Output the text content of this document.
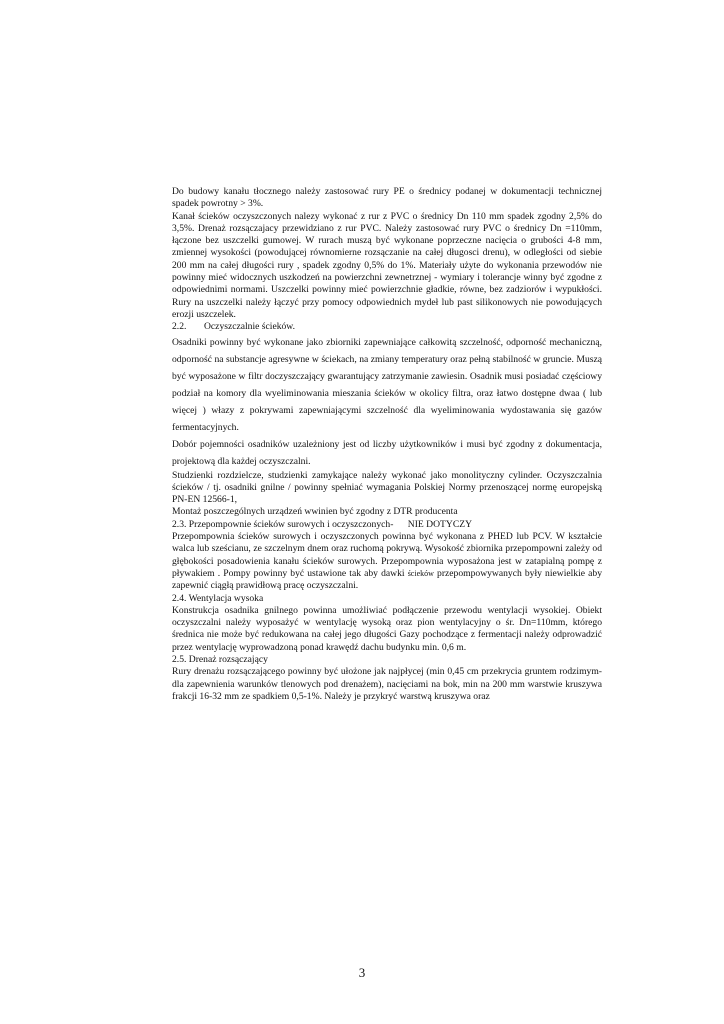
Do budowy kanału tłocznego należy zastosować rury PE o średnicy podanej w dokumentacji technicznej spadek powrotny > 3%.

Kanał ścieków oczyszczonych nalezy wykonać z rur z PVC o średnicy Dn 110 mm spadek zgodny 2,5% do 3,5%. Drenaż rozsączajacy przewidziano z rur PVC. Należy zastosować rury PVC o średnicy Dn =110mm, łączone bez uszczelki gumowej. W rurach muszą być wykonane poprzeczne nacięcia o grubości 4-8 mm, zmiennej wysokości (powodującej równomierne rozsączanie na całej długosci drenu), w odległości od siebie 200 mm na całej długości rury , spadek zgodny 0,5% do 1%. Materiały użyte do wykonania przewodów nie powinny mieć widocznych uszkodzeń na powierzchni zewnetrznej - wymiary i tolerancje winny być zgodne z odpowiednimi normami. Uszczelki powinny mieć powierzchnie gładkie, równe, bez zadziorów i wypukłości. Rury na uszczelki należy łączyć przy pomocy odpowiednich mydeł lub past silikonowych nie powodujących erozji uszczelek.

2.2. Oczyszczalnie ścieków.

Osadniki powinny być wykonane jako zbiorniki zapewniające całkowitą szczelność, odporność mechaniczną, odporność na substancje agresywne w ściekach, na zmiany temperatury oraz pełną stabilność w gruncie. Muszą być wyposażone w filtr doczyszczający gwarantujący zatrzymanie zawiesin. Osadnik musi posiadać częściowy podział na komory dla wyeliminowania mieszania ścieków w okolicy filtra, oraz łatwo dostępne dwaa ( lub więcej ) włazy z pokrywami zapewniającymi szczelność dla wyeliminowania wydostawania się gazów fermentacyjnych.

Dobór pojemności osadników uzależniony jest od liczby użytkowników i musi być zgodny z dokumentacja, projektową dla każdej oczyszczalni.

Studzienki rozdzielcze, studzienki zamykające należy wykonać jako monolityczny cylinder. Oczyszczalnia ścieków / tj. osadniki gnilne / powinny spełniać wymagania Polskiej Normy przenoszącej normę europejską PN-EN 12566-1,

Montaż poszczególnych urządzeń wwinien być zgodny z DTR producenta

2.3. Przepompownie ścieków surowych i oczyszczonych- NIE DOTYCZY

Przepompownia ścieków surowych i oczyszczonych powinna być wykonana z PHED lub PCV. W kształcie walca lub sześcianu, ze szczelnym dnem oraz ruchomą pokrywą. Wysokość zbiornika przepompowni zależy od głębokości posadowienia kanału ścieków surowych. Przepompownia wyposażona jest w zatapialną pompę z pływakiem . Pompy powinny być ustawione tak aby dawki ścieków przepompowywanych były niewielkie aby zapewnić ciągłą prawidłową pracę oczyszczalni.

2.4. Wentylacja wysoka

Konstrukcja osadnika gnilnego powinna umożliwiać podłączenie przewodu wentylacji wysokiej. Obiekt oczyszczalni należy wyposażyć w wentylację wysoką oraz pion wentylacyjny o śr. Dn=110mm, którego średnica nie może być redukowana na całej jego długości Gazy pochodzące z fermentacji należy odprowadzić przez wentylację wyprowadzoną ponad krawędź dachu budynku min. 0,6 m.

2.5. Drenaż rozsączający

Rury drenażu rozsączającego powinny być ułożone jak najpłycej (min 0,45 cm przekrycia gruntem rodzimym- dla zapewnienia warunków tlenowych pod drenażem), nacięciami na bok, min na 200 mm warstwie kruszywa frakcji 16-32 mm ze spadkiem 0,5-1%. Należy je przykryć warstwą kruszywa oraz

3
